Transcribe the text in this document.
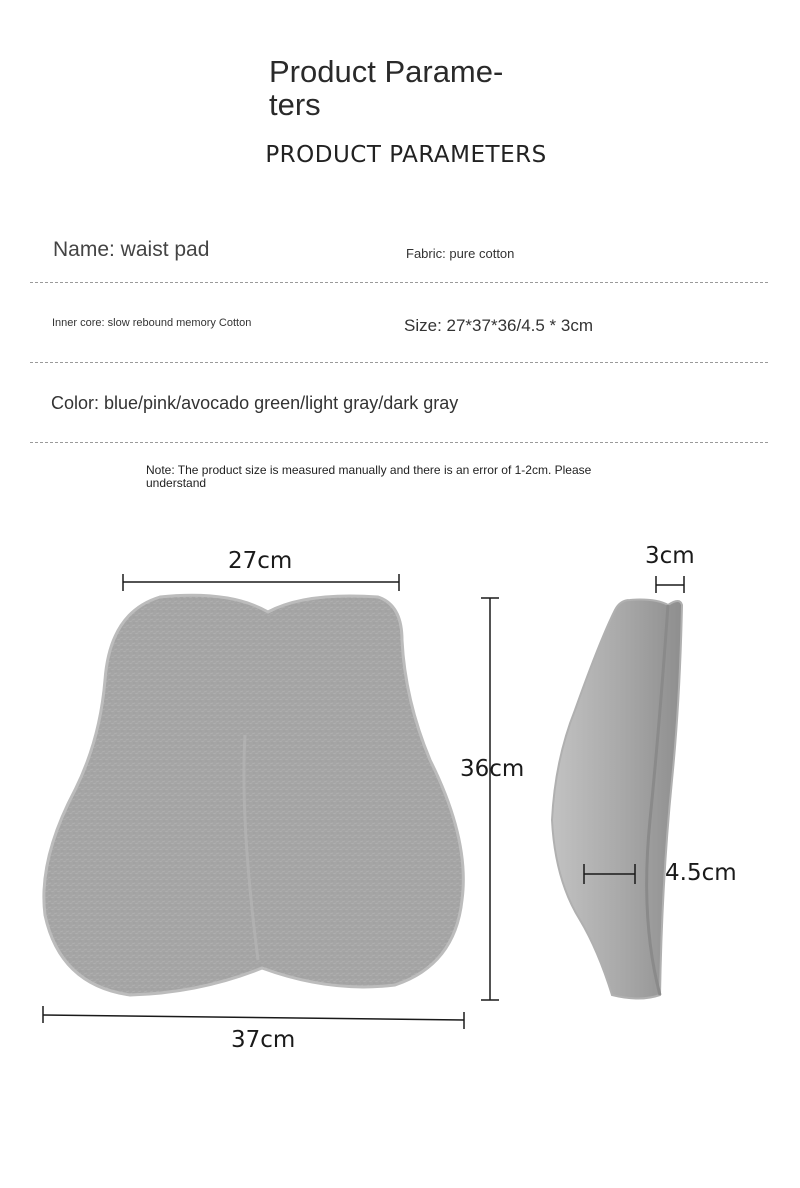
Product Parame-
ters
PRODUCT PARAMETERS
Name: waist pad	Fabric: pure cotton
Inner core: slow rebound memory Cotton	Size: 27*37*36/4.5 * 3cm
Color: blue/pink/avocado green/light gray/dark gray
Note: The product size is measured manually and there is an error of 1-2cm. Please understand
27cm
37cm
36cm
3cm
4.5cm
